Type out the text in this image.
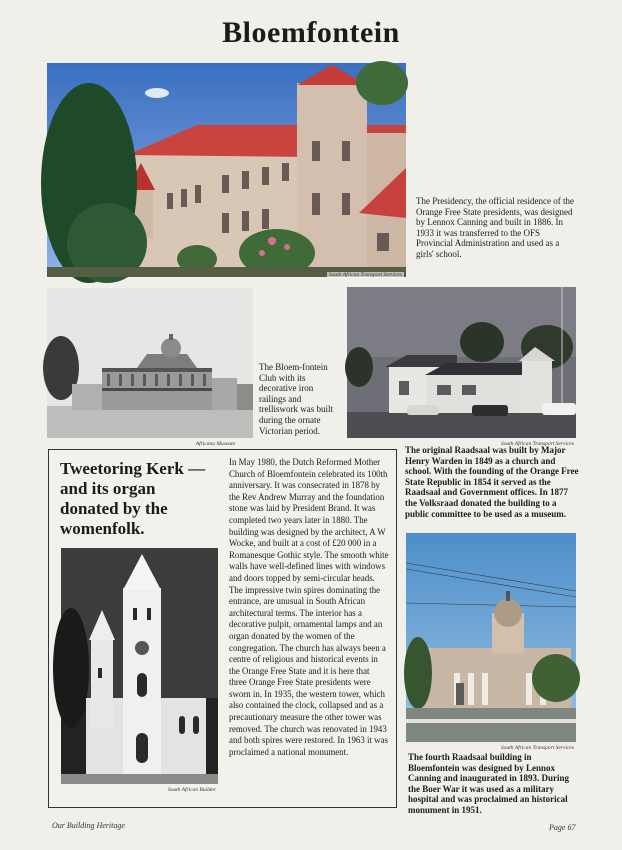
Bloemfontein
South African Transport Services
The Presidency, the official residence of the Orange Free State presidents, was designed by Lennox Canning and built in 1886. In 1933 it was transferred to the OFS Provincial Administration and used as a girls' school.
Africana Museum
The Bloem-fontein Club with its decorative iron railings and trelliswork was built during the ornate Victorian period.
South African Transport Services
The original Raadsaal was built by Major Henry Warden in 1849 as a church and school. With the founding of the Orange Free State Republic in 1854 it served as the Raadsaal and Government offices. In 1877 the Volksraad donated the building to a public committee to be used as a museum.
Tweetoring Kerk — and its organ donated by the womenfolk.
South African Builder
In May 1980, the Dutch Reformed Mother Church of Bloemfontein celebrated its 100th anniversary. It was consecrated in 1878 by the Rev Andrew Murray and the foundation stone was laid by President Brand. It was completed two years later in 1880. The building was designed by the architect, A W Wocke, and built at a cost of £20 000 in a Romanesque Gothic style. The smooth white walls have well-defined lines with windows and doors topped by semi-circular heads. The impressive twin spires dominating the entrance, are unusual in South African architectural terms. The interior has a decorative pulpit, ornamental lamps and an organ donated by the women of the congregation. The church has always been a centre of religious and historical events in the Orange Free State and it is here that three Orange Free State presidents were sworn in. In 1935, the western tower, which also contained the clock, collapsed and as a precautionary measure the other tower was removed. The church was renovated in 1943 and both spires were restored. In 1963 it was proclaimed a national monument.	South African Transport Services
The fourth Raadsaal building in Bloemfontein was designed by Lennox Canning and inaugurated in 1893. During the Boer War it was used as a military hospital and was proclaimed an historical monument in 1951.
Our Building Heritage	Page 67
